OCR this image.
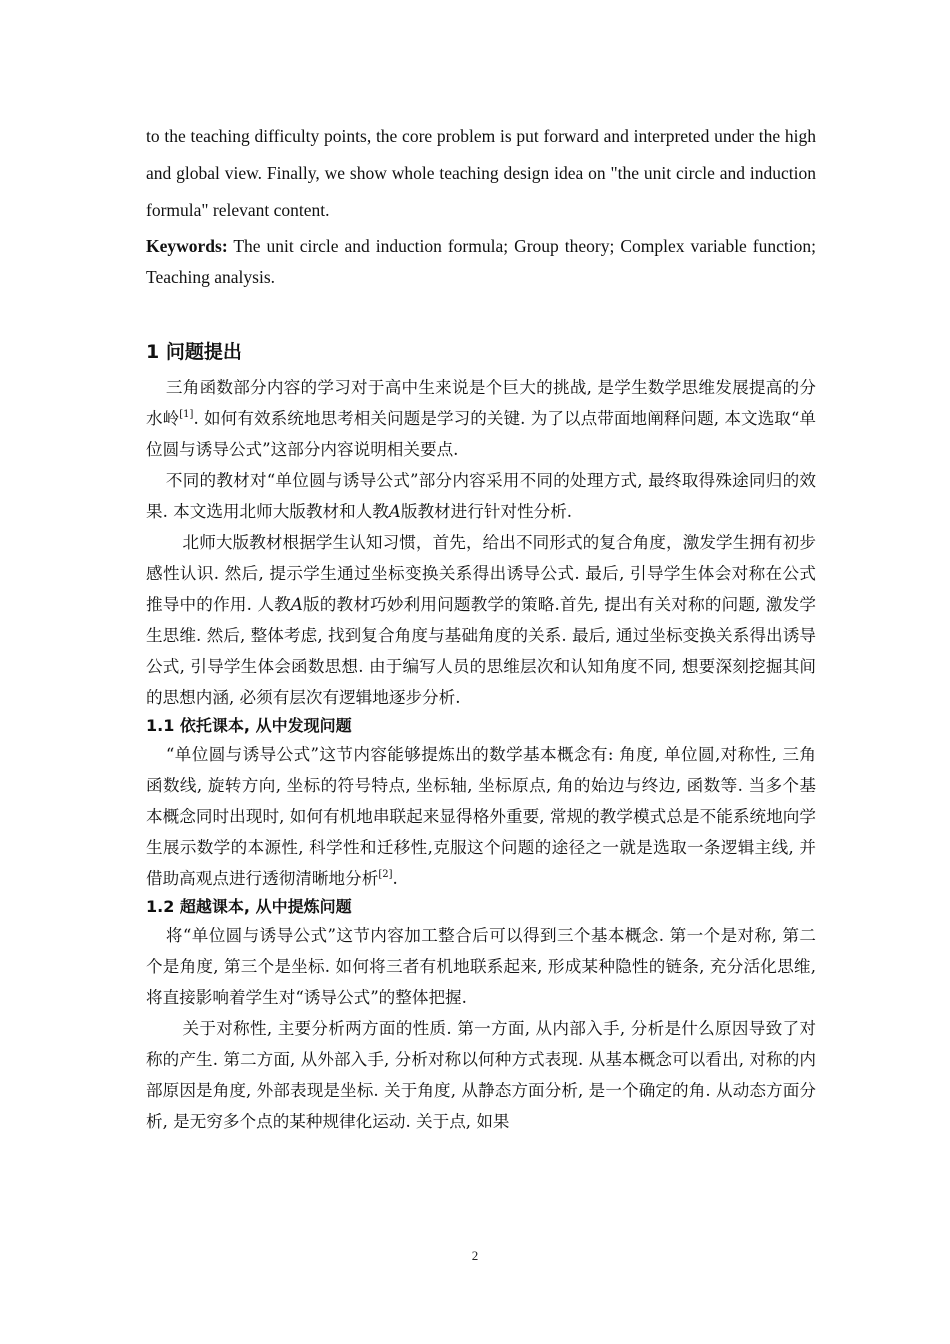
to the teaching difficulty points, the core problem is put forward and interpreted under the high and global view. Finally, we show whole teaching design idea on "the unit circle and induction formula" relevant content.

Keywords: The unit circle and induction formula; Group theory; Complex variable function; Teaching analysis.

1 问题提出

三角函数部分内容的学习对于高中生来说是个巨大的挑战, 是学生数学思维发展提高的分水岭[1]. 如何有效系统地思考相关问题是学习的关键. 为了以点带面地阐释问题, 本文选取“单位圆与诱导公式”这部分内容说明相关要点.

不同的教材对“单位圆与诱导公式”部分内容采用不同的处理方式, 最终取得殊途同归的效果. 本文选用北师大版教材和人教A版教材进行针对性分析.

北师大版教材根据学生认知习惯，首先，给出不同形式的复合角度，激发学生拥有初步感性认识. 然后, 提示学生通过坐标变换关系得出诱导公式. 最后, 引导学生体会对称在公式推导中的作用. 人教A版的教材巧妙利用问题教学的策略.首先, 提出有关对称的问题, 激发学生思维. 然后, 整体考虑, 找到复合角度与基础角度的关系. 最后, 通过坐标变换关系得出诱导公式, 引导学生体会函数思想. 由于编写人员的思维层次和认知角度不同, 想要深刻挖掘其间的思想内涵, 必须有层次有逻辑地逐步分析.

1.1 依托课本, 从中发现问题

“单位圆与诱导公式”这节内容能够提炼出的数学基本概念有: 角度, 单位圆,对称性, 三角函数线, 旋转方向, 坐标的符号特点, 坐标轴, 坐标原点, 角的始边与终边, 函数等. 当多个基本概念同时出现时, 如何有机地串联起来显得格外重要, 常规的教学模式总是不能系统地向学生展示数学的本源性, 科学性和迁移性,克服这个问题的途径之一就是选取一条逻辑主线, 并借助高观点进行透彻清晰地分析[2].

1.2 超越课本, 从中提炼问题

将“单位圆与诱导公式”这节内容加工整合后可以得到三个基本概念. 第一个是对称, 第二个是角度, 第三个是坐标. 如何将三者有机地联系起来, 形成某种隐性的链条, 充分活化思维, 将直接影响着学生对“诱导公式”的整体把握.

关于对称性, 主要分析两方面的性质. 第一方面, 从内部入手, 分析是什么原因导致了对称的产生. 第二方面, 从外部入手, 分析对称以何种方式表现. 从基本概念可以看出, 对称的内部原因是角度, 外部表现是坐标. 关于角度, 从静态方面分析, 是一个确定的角. 从动态方面分析, 是无穷多个点的某种规律化运动. 关于点, 如果

2
